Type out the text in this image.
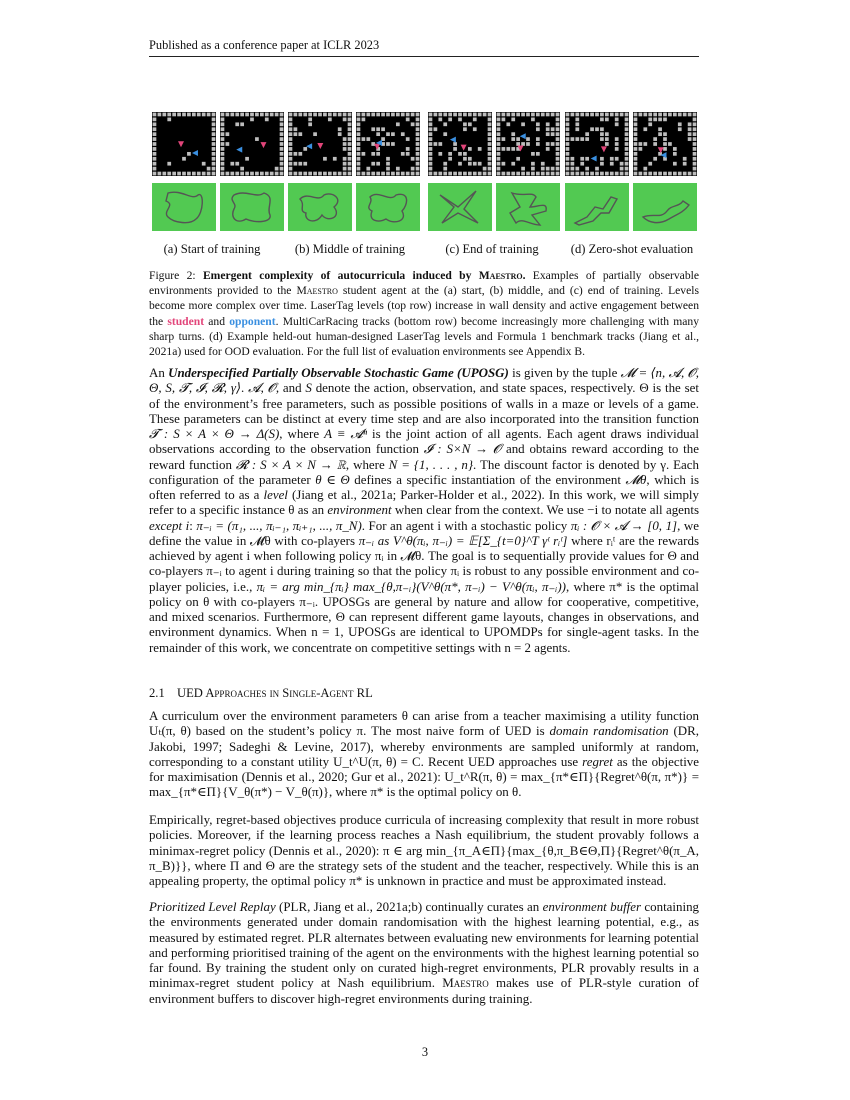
Published as a conference paper at ICLR 2023
(a) Start of training	(b) Middle of training	(c) End of training	(d) Zero-shot evaluation
Figure 2: Emergent complexity of autocurricula induced by Maestro. Examples of partially observable environments provided to the Maestro student agent at the (a) start, (b) middle, and (c) end of training. Levels become more complex over time. LaserTag levels (top row) increase in wall density and active engagement between the student and opponent. MultiCarRacing tracks (bottom row) become increasingly more challenging with many sharp turns. (d) Example held-out human-designed LaserTag levels and Formula 1 benchmark tracks (Jiang et al., 2021a) used for OOD evaluation. For the full list of evaluation environments see Appendix B.
An Underspecified Partially Observable Stochastic Game (UPOSG) is given by the tuple 𝓜 = ⟨n, 𝓐, 𝓞, Θ, S, 𝓣, 𝓘, 𝓡, γ⟩. 𝓐, 𝓞, and S denote the action, observation, and state spaces, respectively. Θ is the set of the environment’s free parameters, such as possible positions of walls in a maze or levels of a game. These parameters can be distinct at every time step and are also incorporated into the transition function 𝓣 : S × A × Θ → Δ(S), where A ≡ 𝓐ⁿ is the joint action of all agents. Each agent draws individual observations according to the observation function 𝓘 : S×N → 𝓞 and obtains reward according to the reward function 𝓡 : S × A × N → ℝ, where N = {1, . . . , n}. The discount factor is denoted by γ. Each configuration of the parameter θ ∈ Θ defines a specific instantiation of the environment 𝓜θ, which is often referred to as a level (Jiang et al., 2021a; Parker-Holder et al., 2022). In this work, we will simply refer to a specific instance θ as an environment when clear from the context. We use −i to notate all agents except i: π₋ᵢ = (π₁, ..., πᵢ₋₁, πᵢ₊₁, ..., π_N). For an agent i with a stochastic policy πᵢ : 𝓞 × 𝓐 → [0, 1], we define the value in 𝓜θ with co-players π₋ᵢ as V^θ(πᵢ, π₋ᵢ) = 𝔼[Σ_{t=0}^T γᵗ rᵢᵗ] where rᵢᵗ are the rewards achieved by agent i when following policy πᵢ in 𝓜θ. The goal is to sequentially provide values for Θ and co-players π₋ᵢ to agent i during training so that the policy πᵢ is robust to any possible environment and co-player policies, i.e., πᵢ = arg min_{πᵢ} max_{θ,π₋ᵢ}(V^θ(π*, π₋ᵢ) − V^θ(πᵢ, π₋ᵢ)), where π* is the optimal policy on θ with co-players π₋ᵢ. UPOSGs are general by nature and allow for cooperative, competitive, and mixed scenarios. Furthermore, Θ can represent different game layouts, changes in observations, and environment dynamics. When n = 1, UPOSGs are identical to UPOMDPs for single-agent tasks. In the remainder of this work, we concentrate on competitive settings with n = 2 agents.
2.1 UED Approaches in Single-Agent RL
A curriculum over the environment parameters θ can arise from a teacher maximising a utility function Uₜ(π, θ) based on the student’s policy π. The most naive form of UED is domain randomisation (DR, Jakobi, 1997; Sadeghi & Levine, 2017), whereby environments are sampled uniformly at random, corresponding to a constant utility U_t^U(π, θ) = C. Recent UED approaches use regret as the objective for maximisation (Dennis et al., 2020; Gur et al., 2021): U_t^R(π, θ) = max_{π*∈Π}{Regret^θ(π, π*)} = max_{π*∈Π}{V_θ(π*) − V_θ(π)}, where π* is the optimal policy on θ.
Empirically, regret-based objectives produce curricula of increasing complexity that result in more robust policies. Moreover, if the learning process reaches a Nash equilibrium, the student provably follows a minimax-regret policy (Dennis et al., 2020): π ∈ arg min_{π_A∈Π}{max_{θ,π_B∈Θ,Π}{Regret^θ(π_A, π_B)}}, where Π and Θ are the strategy sets of the student and the teacher, respectively. While this is an appealing property, the optimal policy π* is unknown in practice and must be approximated instead.
Prioritized Level Replay (PLR, Jiang et al., 2021a;b) continually curates an environment buffer containing the environments generated under domain randomisation with the highest learning potential, e.g., as measured by estimated regret. PLR alternates between evaluating new environments for learning potential and performing prioritised training of the agent on the environments with the highest learning potential so far found. By training the student only on curated high-regret environments, PLR provably results in a minimax-regret student policy at Nash equilibrium. Maestro makes use of PLR-style curation of environment buffers to discover high-regret environments during training.
3
